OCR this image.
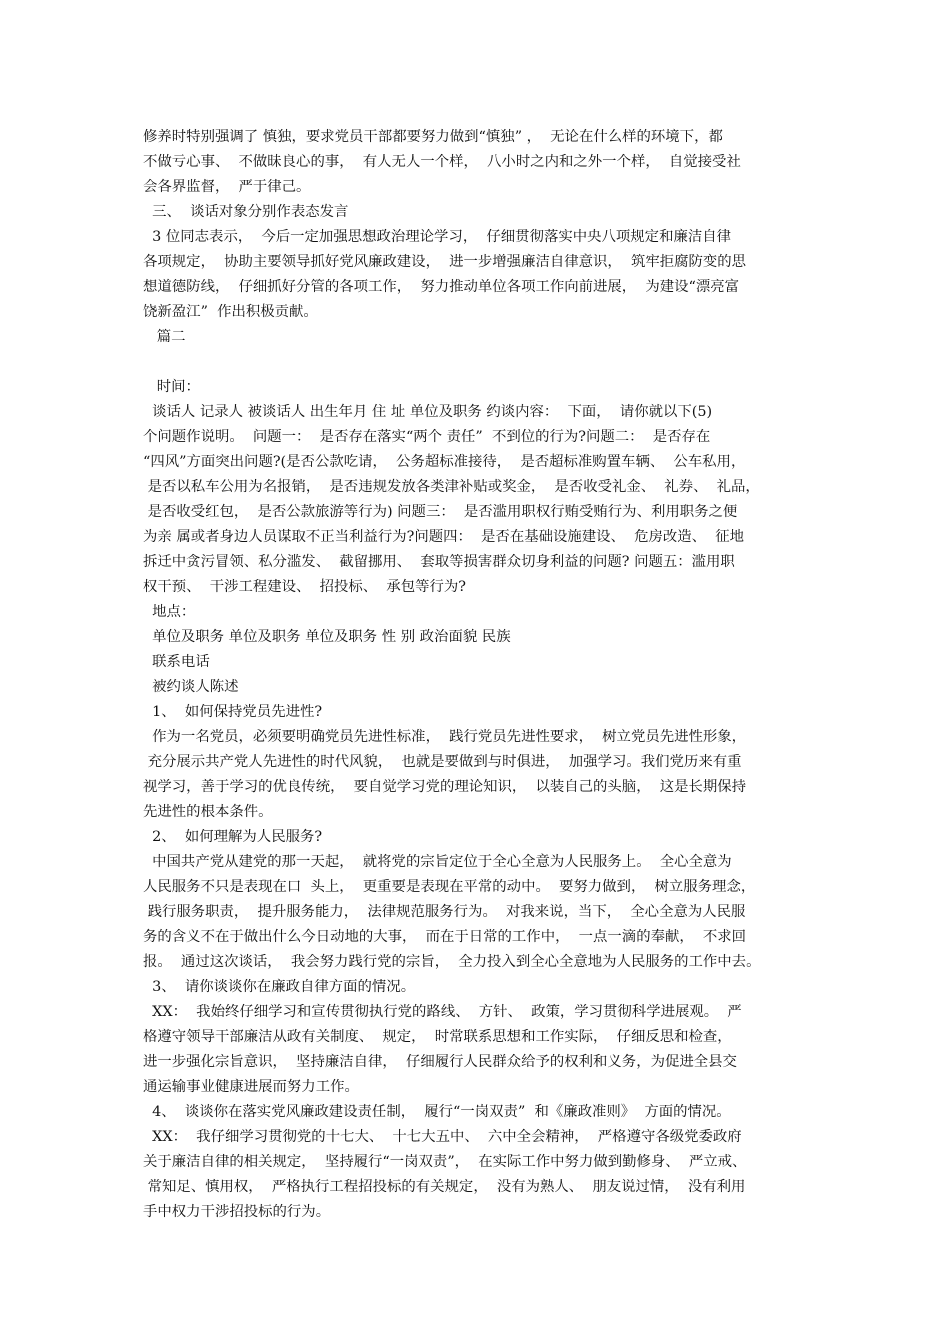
修养时特别强调了 慎独，要求党员干部都要努力做到“慎独” ，  无论在什么样的环境下，都
不做亏心事、  不做昧良心的事，  有人无人一个样，  八小时之内和之外一个样，  自觉接受社
会各界监督，  严于律己。
三、  谈话对象分别作表态发言
3 位同志表示，  今后一定加强思想政治理论学习，  仔细贯彻落实中央八项规定和廉洁自律
各项规定，  协助主要领导抓好党风廉政建设，  进一步增强廉洁自律意识，  筑牢拒腐防变的思
想道德防线，  仔细抓好分管的各项工作，  努力推动单位各项工作向前进展，  为建设“漂亮富
饶新盈江”  作出积极贡献。
篇二
时间：
谈话人 记录人 被谈话人 出生年月 住 址 单位及职务 约谈内容：  下面，  请你就以下(5)
个问题作说明。  问题一：  是否存在落实“两个 责任”  不到位的行为?问题二：  是否存在
“四风”方面突出问题?(是否公款吃请，  公务超标准接待，  是否超标准购置车辆、  公车私用，
是否以私车公用为名报销，  是否违规发放各类津补贴或奖金，  是否收受礼金、  礼券、  礼品，
是否收受红包，  是否公款旅游等行为) 问题三：  是否滥用职权行贿受贿行为、利用职务之便
为亲 属或者身边人员谋取不正当利益行为?问题四：  是否在基础设施建设、  危房改造、  征地
拆迁中贪污冒领、私分滥发、  截留挪用、  套取等损害群众切身利益的问题? 问题五：滥用职
权干预、  干涉工程建设、  招投标、  承包等行为?
地点：
单位及职务 单位及职务 单位及职务 性 别 政治面貌 民族
联系电话
被约谈人陈述
1、  如何保持党员先进性?
作为一名党员，必须要明确党员先进性标准，  践行党员先进性要求，  树立党员先进性形象，
充分展示共产党人先进性的时代风貌，  也就是要做到与时俱进，  加强学习。我们党历来有重
视学习，善于学习的优良传统，  要自觉学习党的理论知识，  以装自己的头脑，  这是长期保持
先进性的根本条件。
2、  如何理解为人民服务?
中国共产党从建党的那一天起，  就将党的宗旨定位于全心全意为人民服务上。  全心全意为
人民服务不只是表现在口  头上，  更重要是表现在平常的动中。  要努力做到，  树立服务理念，
践行服务职责，  提升服务能力，  法律规范服务行为。  对我来说，当下，  全心全意为人民服
务的含义不在于做出什么今日动地的大事，  而在于日常的工作中，  一点一滴的奉献，  不求回
报。  通过这次谈话，  我会努力践行党的宗旨，  全力投入到全心全意地为人民服务的工作中去。
3、  请你谈谈你在廉政自律方面的情况。
XX：  我始终仔细学习和宣传贯彻执行党的路线、  方针、  政策，学习贯彻科学进展观。  严
格遵守领导干部廉洁从政有关制度、  规定，  时常联系思想和工作实际，  仔细反思和检查，
进一步强化宗旨意识，  坚持廉洁自律，  仔细履行人民群众给予的权利和义务，为促进全县交
通运输事业健康进展而努力工作。
4、  谈谈你在落实党风廉政建设责任制，  履行“一岗双责”  和《廉政准则》  方面的情况。
XX：  我仔细学习贯彻党的十七大、  十七大五中、  六中全会精神，  严格遵守各级党委政府
关于廉洁自律的相关规定，  坚持履行“一岗双责”，  在实际工作中努力做到勤修身、  严立戒、
常知足、慎用权，  严格执行工程招投标的有关规定，  没有为熟人、  朋友说过情，  没有利用
手中权力干涉招投标的行为。
